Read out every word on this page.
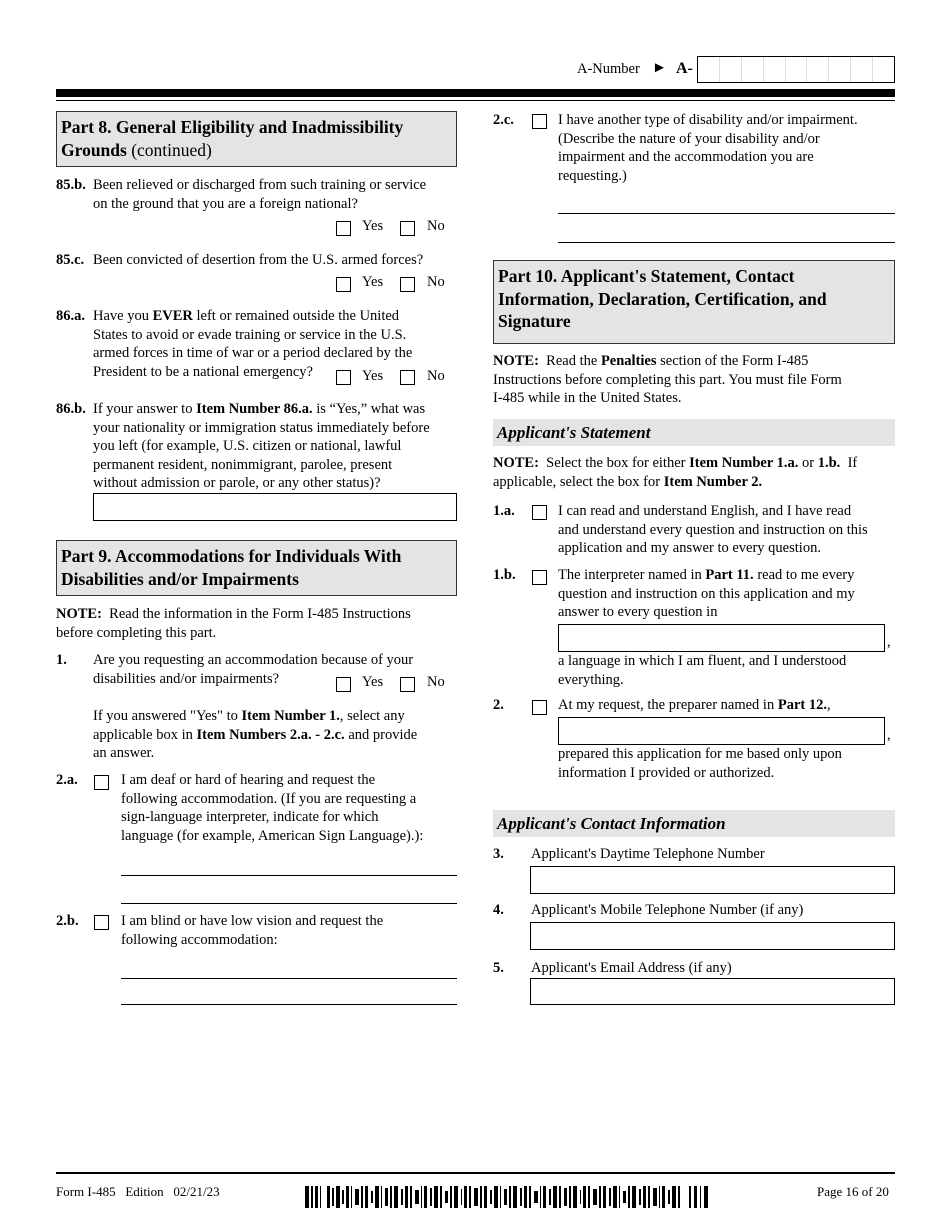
A-Number ► A-
Part 8. General Eligibility and Inadmissibility
Grounds (continued)
85.b. Been relieved or discharged from such training or service
on the ground that you are a foreign national?
Yes	No
85.c. Been convicted of desertion from the U.S. armed forces?
Yes	No
86.a. Have you EVER left or remained outside the United
States to avoid or evade training or service in the U.S.
armed forces in time of war or a period declared by the
President to be a national emergency?	Yes	No
86.b. If your answer to Item Number 86.a. is “Yes,” what was
your nationality or immigration status immediately before
you left (for example, U.S. citizen or national, lawful
permanent resident, nonimmigrant, parolee, present
without admission or parole, or any other status)?
Part 9. Accommodations for Individuals With
Disabilities and/or Impairments
NOTE:  Read the information in the Form I-485 Instructions
before completing this part.
1. Are you requesting an accommodation because of your
disabilities and/or impairments?	Yes	No
If you answered "Yes" to Item Number 1., select any
applicable box in Item Numbers 2.a. - 2.c. and provide
an answer.
2.a.	I am deaf or hard of hearing and request the
following accommodation. (If you are requesting a
sign-language interpreter, indicate for which
language (for example, American Sign Language).):
2.b.	I am blind or have low vision and request the
following accommodation:
2.c.	I have another type of disability and/or impairment.
(Describe the nature of your disability and/or
impairment and the accommodation you are
requesting.)
Part 10. Applicant's Statement, Contact
Information, Declaration, Certification, and
Signature
NOTE:  Read the Penalties section of the Form I-485
Instructions before completing this part. You must file Form
I-485 while in the United States.
Applicant's Statement
NOTE:  Select the box for either Item Number 1.a. or 1.b.  If
applicable, select the box for Item Number 2.
1.a.	I can read and understand English, and I have read
and understand every question and instruction on this
application and my answer to every question.
1.b.	The interpreter named in Part 11. read to me every
question and instruction on this application and my
answer to every question in
,
a language in which I am fluent, and I understood
everything.
2.	At my request, the preparer named in Part 12.,
,
prepared this application for me based only upon
information I provided or authorized.
Applicant's Contact Information
3. Applicant's Daytime Telephone Number
4. Applicant's Mobile Telephone Number (if any)
5. Applicant's Email Address (if any)
Form I-485   Edition   02/21/23	Page 16 of 20
